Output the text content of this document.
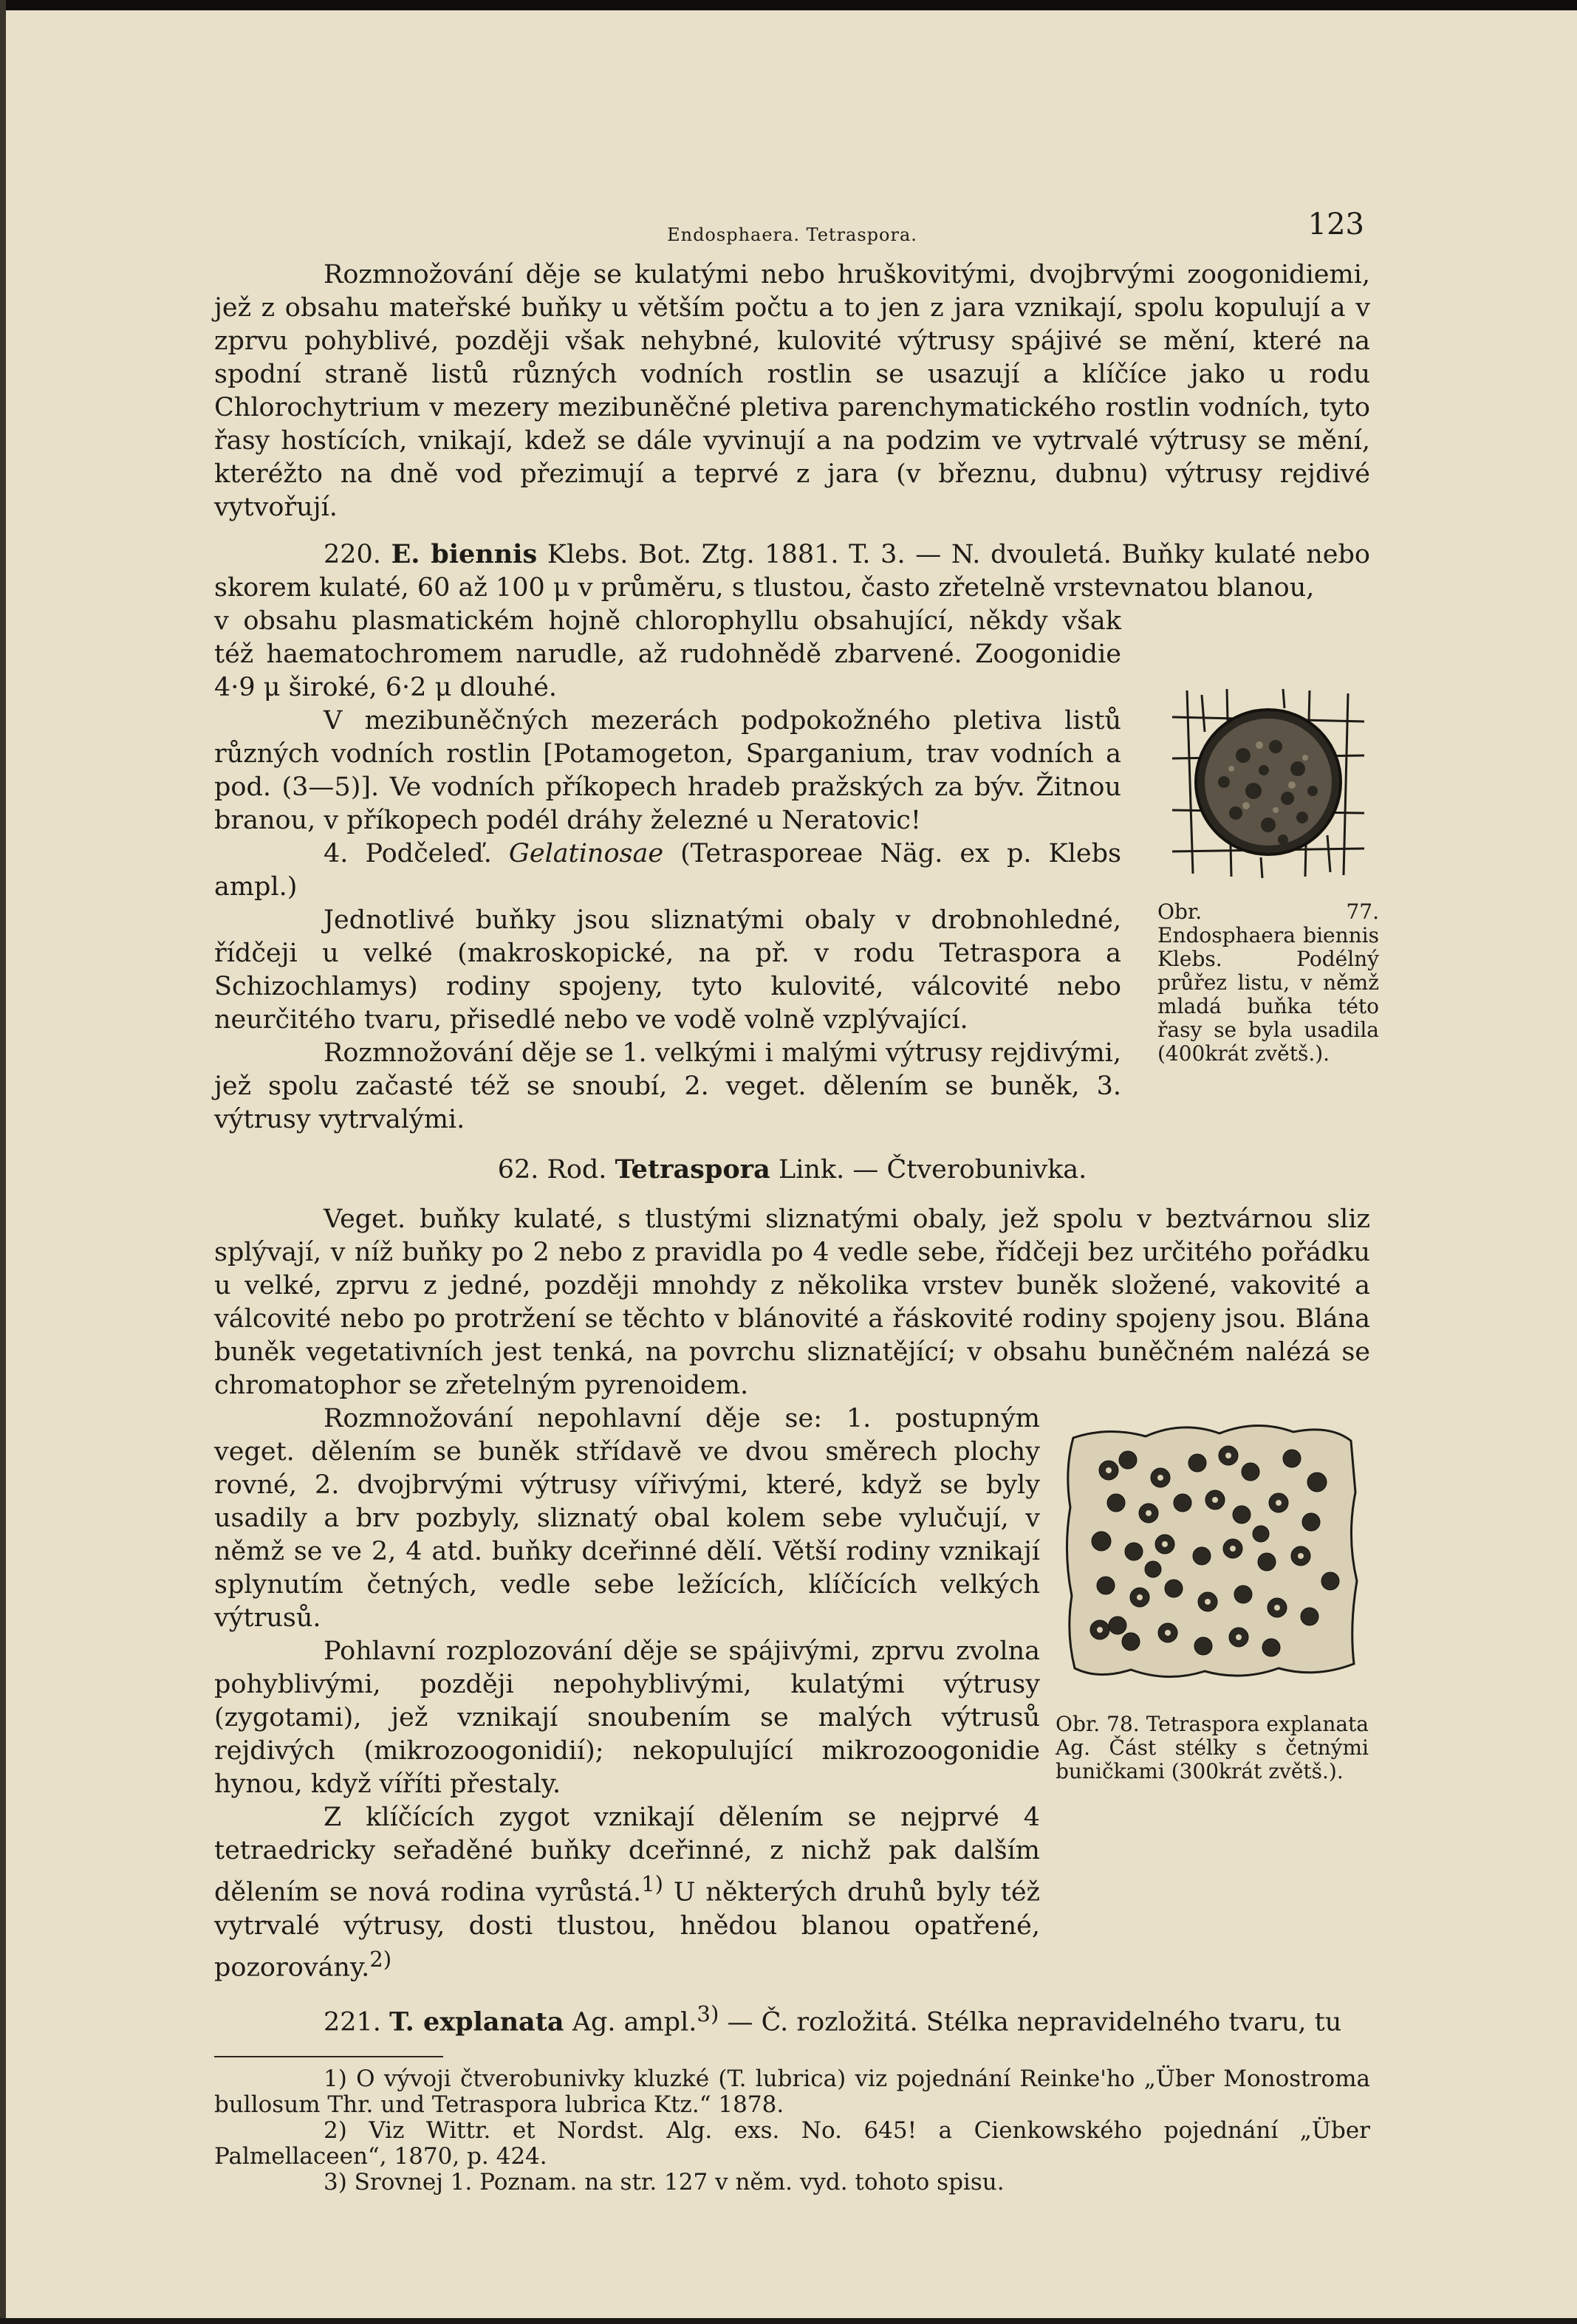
Endosphaera. Tetraspora.	123

Rozmnožování děje se kulatými nebo hruškovitými, dvojbrvými zoogonidiemi, jež z obsahu mateřské buňky u větším počtu a to jen z jara vznikají, spolu kopulují a v zprvu pohyblivé, později však nehybné, kulovité výtrusy spájivé se mění, které na spodní straně listů různých vodních rostlin se usazují a klíčíce jako u rodu Chlorochytrium v mezery mezibuněčné pletiva parenchymatického rostlin vodních, tyto řasy hostících, vnikají, kdež se dále vyvinují a na podzim ve vytrvalé výtrusy se mění, kteréžto na dně vod přezimují a teprvé z jara (v březnu, dubnu) výtrusy rejdivé vytvořují.

220. E. biennis Klebs. Bot. Ztg. 1881. T. 3. — N. dvouletá. Buňky kulaté nebo skorem kulaté, 60 až 100 μ v průměru, s tlustou, často zřetelně vrstevnatou blanou,

Obr. 77. Endosphaera biennis Klebs. Podélný průřez listu, v němž mladá buňka této řasy se byla usadila (400krát zvětš.).

v obsahu plasmatickém hojně chlorophyllu obsahující, někdy však též haematochromem narudle, až rudohnědě zbarvené. Zoogonidie 4·9 μ široké, 6·2 μ dlouhé.

V mezibuněčných mezerách podpokožného pletiva listů různých vodních rostlin [Potamogeton, Sparganium, trav vodních a pod. (3—5)]. Ve vodních příkopech hradeb pražských za býv. Žitnou branou, v příkopech podél dráhy železné u Neratovic!

4. Podčeleď. Gelatinosae (Tetrasporeae Näg. ex p. Klebs ampl.)

Jednotlivé buňky jsou sliznatými obaly v drobnohledné, řídčeji u velké (makroskopické, na př. v rodu Tetraspora a Schizochlamys) rodiny spojeny, tyto kulovité, válcovité nebo neurčitého tvaru, přisedlé nebo ve vodě volně vzplývající.

Rozmnožování děje se 1. velkými i malými výtrusy rejdivými, jež spolu začasté též se snoubí, 2. veget. dělením se buněk, 3. výtrusy vytrvalými.

62. Rod. Tetraspora Link. — Čtverobunivka.

Veget. buňky kulaté, s tlustými sliznatými obaly, jež spolu v beztvárnou sliz splývají, v níž buňky po 2 nebo z pravidla po 4 vedle sebe, řídčeji bez určitého pořádku u velké, zprvu z jedné, později mnohdy z několika vrstev buněk složené, vakovité a válcovité nebo po protržení se těchto v blánovité a řáskovité rodiny spojeny jsou. Blána buněk vegetativních jest tenká, na povrchu sliznatějící; v obsahu buněčném nalézá se chromatophor se zřetelným pyrenoidem.

Obr. 78. Tetraspora explanata Ag. Část stélky s četnými buničkami (300krát zvětš.).

Rozmnožování nepohlavní děje se: 1. postupným veget. dělením se buněk střídavě ve dvou směrech plochy rovné, 2. dvojbrvými výtrusy vířivými, které, když se byly usadily a brv pozbyly, sliznatý obal kolem sebe vylučují, v němž se ve 2, 4 atd. buňky dceřinné dělí. Větší rodiny vznikají splynutím četných, vedle sebe ležících, klíčících velkých výtrusů.

Pohlavní rozplozování děje se spájivými, zprvu zvolna pohyblivými, později nepohyblivými, kulatými výtrusy (zygotami), jež vznikají snoubením se malých výtrusů rejdivých (mikrozoogonidií); nekopulující mikrozoogonidie hynou, když víříti přestaly.

Z klíčících zygot vznikají dělením se nejprvé 4 tetraedricky seřaděné buňky dceřinné, z nichž pak dalším dělením se nová rodina vyrůstá.$^{1)}$ U některých druhů byly též vytrvalé výtrusy, dosti tlustou, hnědou blanou opatřené, pozorovány.$^{2)}$

221. T. explanata Ag. ampl.$^{3)}$ — Č. rozložitá. Stélka nepravidelného tvaru, tu

1) O vývoji čtverobunivky kluzké (T. lubrica) viz pojednání Reinke'ho „Über Monostroma bullosum Thr. und Tetraspora lubrica Ktz.“ 1878.

2) Viz Wittr. et Nordst. Alg. exs. No. 645! a Cienkowského pojednání „Über Palmellaceen“, 1870, p. 424.

3) Srovnej 1. Poznam. na str. 127 v něm. vyd. tohoto spisu.
